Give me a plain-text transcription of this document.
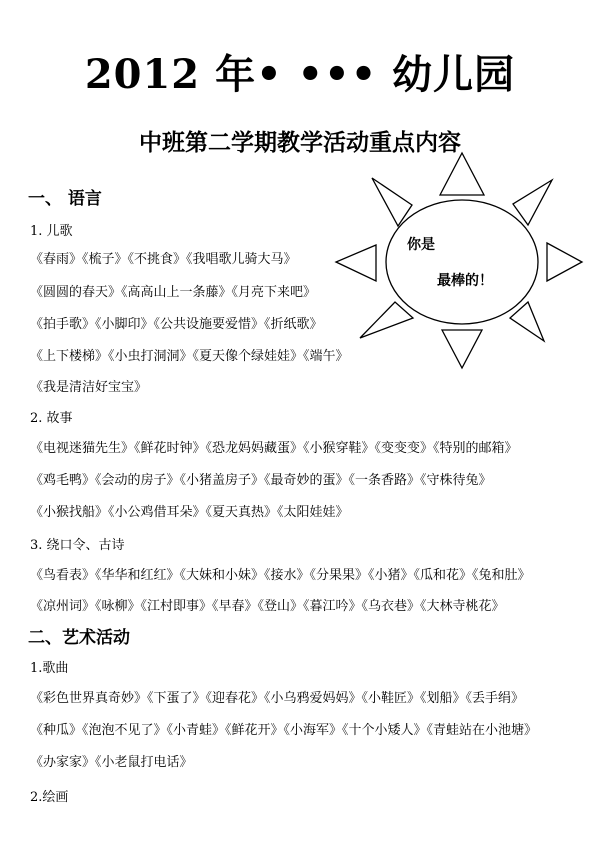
2012 年• ••• 幼儿园
中班第二学期教学活动重点内容
你是
最棒的！
一、 语言
1. 儿歌
《春雨》《梳子》《不挑食》《我唱歌儿骑大马》
《圆圆的春天》《高高山上一条藤》《月亮下来吧》
《拍手歌》《小脚印》《公共设施要爱惜》《折纸歌》
《上下楼梯》《小虫打洞洞》《夏天像个绿娃娃》《端午》
《我是清洁好宝宝》
2. 故事
《电视迷猫先生》《鲜花时钟》《恐龙妈妈藏蛋》《小猴穿鞋》《变变变》《特别的邮箱》
《鸡毛鸭》《会动的房子》《小猪盖房子》《最奇妙的蛋》《一条香路》《守株待兔》
《小猴找船》《小公鸡借耳朵》《夏天真热》《太阳娃娃》
3. 绕口令、古诗
《鸟看表》《华华和红红》《大妹和小妹》《接水》《分果果》《小猪》《瓜和花》《兔和肚》
《凉州词》《咏柳》《江村即事》《早春》《登山》《暮江吟》《乌衣巷》《大林寺桃花》
二、艺术活动
1.歌曲
《彩色世界真奇妙》《下蛋了》《迎春花》《小乌鸦爱妈妈》《小鞋匠》《划船》《丢手绢》
《种瓜》《泡泡不见了》《小青蛙》《鲜花开》《小海军》《十个小矮人》《青蛙站在小池塘》
《办家家》《小老鼠打电话》
2.绘画
